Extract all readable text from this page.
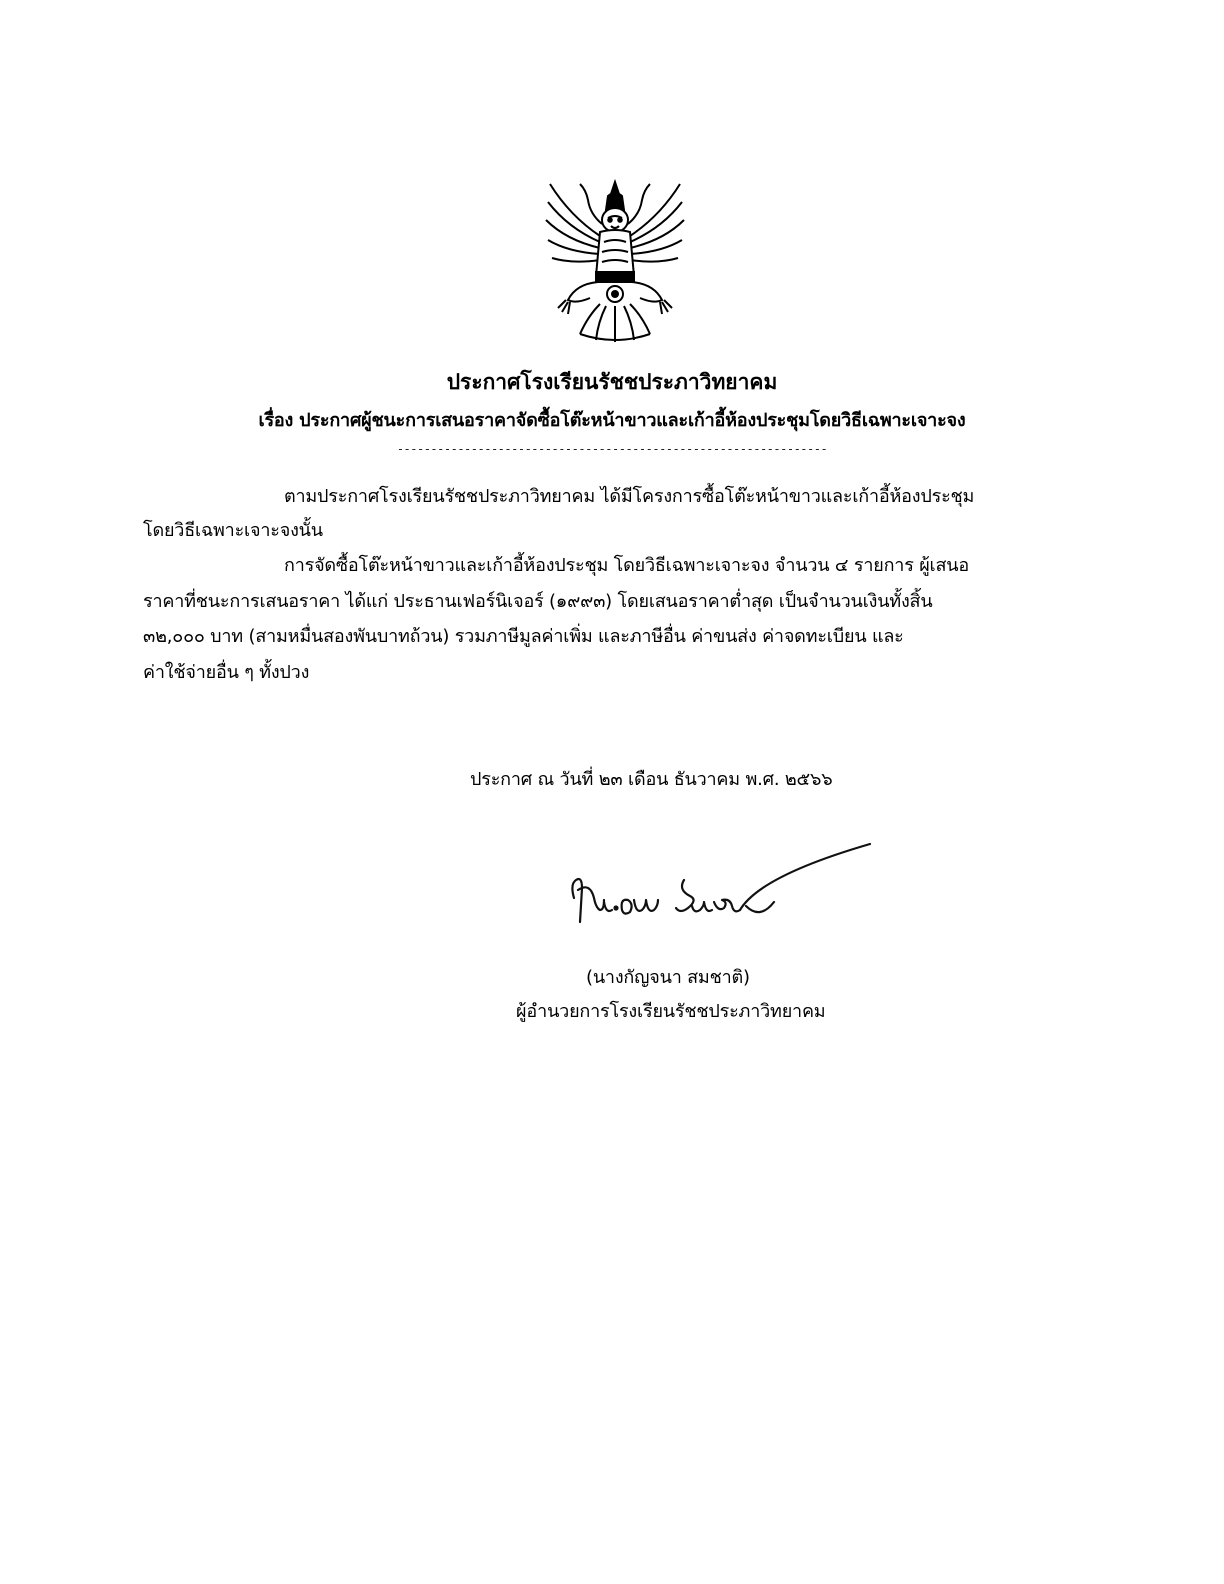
ประกาศโรงเรียนรัชชประภาวิทยาคม
เรื่อง ประกาศผู้ชนะการเสนอราคาจัดซื้อโต๊ะหน้าขาวและเก้าอี้ห้องประชุมโดยวิธีเฉพาะเจาะจง
----------------------------------------------------------------
ตามประกาศโรงเรียนรัชชประภาวิทยาคม ได้มีโครงการซื้อโต๊ะหน้าขาวและเก้าอี้ห้องประชุม
โดยวิธีเฉพาะเจาะจงนั้น
การจัดซื้อโต๊ะหน้าขาวและเก้าอี้ห้องประชุม โดยวิธีเฉพาะเจาะจง จำนวน ๔ รายการ ผู้เสนอ
ราคาที่ชนะการเสนอราคา ได้แก่ ประธานเฟอร์นิเจอร์ (๑๙๙๓) โดยเสนอราคาต่ำสุด เป็นจำนวนเงินทั้งสิ้น
๓๒,๐๐๐ บาท (สามหมื่นสองพันบาทถ้วน) รวมภาษีมูลค่าเพิ่ม และภาษีอื่น ค่าขนส่ง ค่าจดทะเบียน และ
ค่าใช้จ่ายอื่น ๆ ทั้งปวง
ประกาศ ณ วันที่ ๒๓ เดือน ธันวาคม พ.ศ. ๒๕๖๖
(นางกัญจนา สมชาติ)
ผู้อำนวยการโรงเรียนรัชชประภาวิทยาคม
